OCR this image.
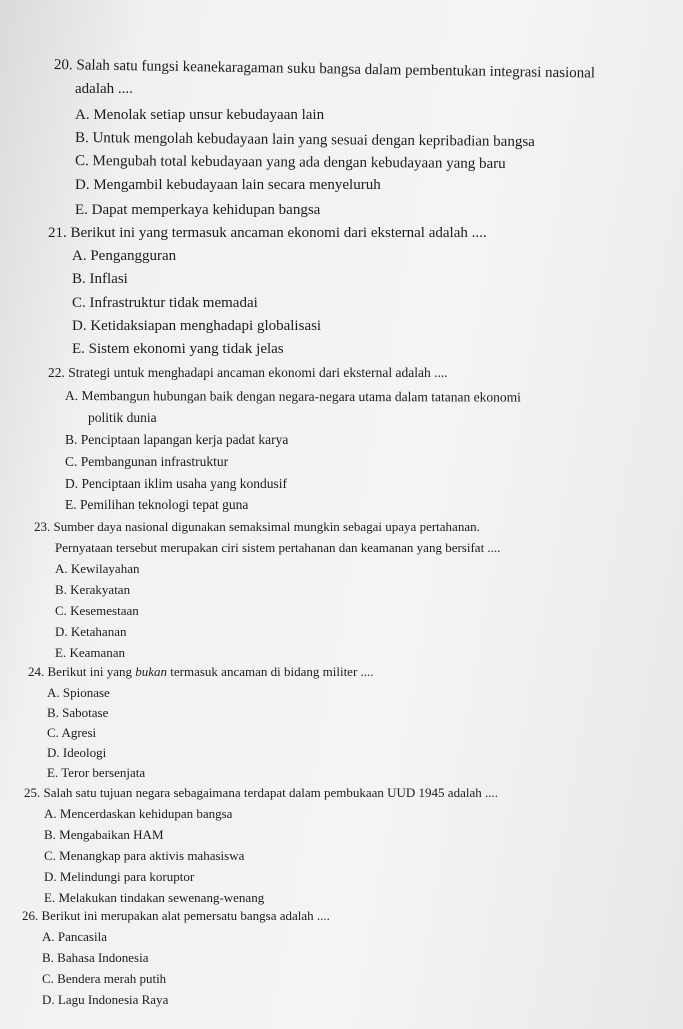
20. Salah satu fungsi keanekaragaman suku bangsa dalam pembentukan integrasi nasional
adalah ....
A. Menolak setiap unsur kebudayaan lain
B. Untuk mengolah kebudayaan lain yang sesuai dengan kepribadian bangsa
C. Mengubah total kebudayaan yang ada dengan kebudayaan yang baru
D. Mengambil kebudayaan lain secara menyeluruh
E. Dapat memperkaya kehidupan bangsa
21. Berikut ini yang termasuk ancaman ekonomi dari eksternal adalah ....
A. Pengangguran
B. Inflasi
C. Infrastruktur tidak memadai
D. Ketidaksiapan menghadapi globalisasi
E. Sistem ekonomi yang tidak jelas
22. Strategi untuk menghadapi ancaman ekonomi dari eksternal adalah ....
A. Membangun hubungan baik dengan negara-negara utama dalam tatanan ekonomi
politik dunia
B. Penciptaan lapangan kerja padat karya
C. Pembangunan infrastruktur
D. Penciptaan iklim usaha yang kondusif
E. Pemilihan teknologi tepat guna
23. Sumber daya nasional digunakan semaksimal mungkin sebagai upaya pertahanan.
Pernyataan tersebut merupakan ciri sistem pertahanan dan keamanan yang bersifat ....
A. Kewilayahan
B. Kerakyatan
C. Kesemestaan
D. Ketahanan
E. Keamanan
24. Berikut ini yang bukan termasuk ancaman di bidang militer ....
A. Spionase
B. Sabotase
C. Agresi
D. Ideologi
E. Teror bersenjata
25. Salah satu tujuan negara sebagaimana terdapat dalam pembukaan UUD 1945 adalah ....
A. Mencerdaskan kehidupan bangsa
B. Mengabaikan HAM
C. Menangkap para aktivis mahasiswa
D. Melindungi para koruptor
E. Melakukan tindakan sewenang-wenang
26. Berikut ini merupakan alat pemersatu bangsa adalah ....
A. Pancasila
B. Bahasa Indonesia
C. Bendera merah putih
D. Lagu Indonesia Raya
